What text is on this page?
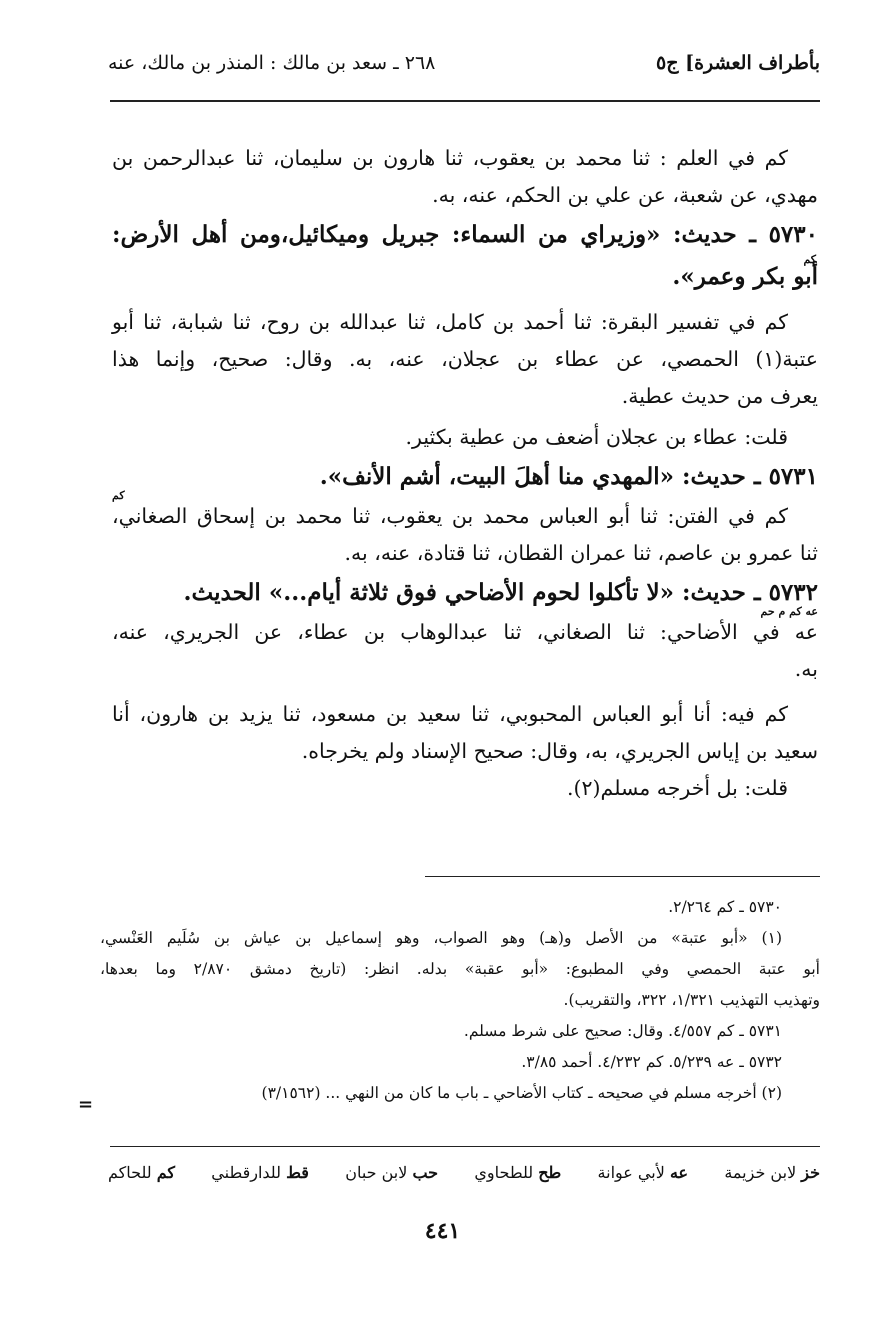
بأطراف العشرة] ج٥
٢٦٨ ـ سعد بن مالك : المنذر بن مالك، عنه
كم في العلم : ثنا محمد بن يعقوب، ثنا هارون بن سليمان، ثنا عبدالرحمن بن
مهدي، عن شعبة، عن علي بن الحكم، عنه، به.
٥٧٣٠ ـ حديث: «وزيراي من السماء: جبريل وميكائيل،ومن أهل الأرض:
كم
أبو بكر وعمر».
كم في تفسير البقرة: ثنا أحمد بن كامل، ثنا عبدالله بن روح، ثنا شبابة، ثنا أبو
عتبة(١) الحمصي، عن عطاء بن عجلان، عنه، به. وقال: صحيح، وإنما هذا
يعرف من حديث عطية.
قلت: عطاء بن عجلان أضعف من عطية بكثير.
٥٧٣١ ـ حديث: «المهدي منا أهلَ البيت، أشم الأنف».
كم
كم في الفتن: ثنا أبو العباس محمد بن يعقوب، ثنا محمد بن إسحاق الصغاني،
ثنا عمرو بن عاصم، ثنا عمران القطان، ثنا قتادة، عنه، به.
٥٧٣٢ ـ حديث: «لا تأكلوا لحوم الأضاحي فوق ثلاثة أيام...» الحديث.
عه كم م حم
عه في الأضاحي: ثنا الصغاني، ثنا عبدالوهاب بن عطاء، عن الجريري، عنه،
به.
كم فيه: أنا أبو العباس المحبوبي، ثنا سعيد بن مسعود، ثنا يزيد بن هارون، أنا
سعيد بن إياس الجريري، به، وقال: صحيح الإسناد ولم يخرجاه.
قلت: بل أخرجه مسلم(٢).
٥٧٣٠ ـ كم ٢/٢٦٤.
(١) «أبو عتبة» من الأصل و(هـ) وهو الصواب، وهو إسماعيل بن عياش بن سُلَيم العَنْسي،
أبو عتبة الحمصي وفي المطبوع: «أبو عقبة» بدله. انظر: (تاريخ دمشق ٢/٨٧٠ وما بعدها،
وتهذيب التهذيب ١/٣٢١، ٣٢٢، والتقريب).
٥٧٣١ ـ كم ٤/٥٥٧. وقال: صحيح على شرط مسلم.
٥٧٣٢ ـ عه ٥/٢٣٩. كم ٤/٢٣٢. أحمد ٣/٨٥.
(٢) أخرجه مسلم في صحيحه ـ كتاب الأضاحي ـ باب ما كان من النهي ... (٣/١٥٦٢)
=
خز لابن خزيمة
عه لأبي عوانة
طح للطحاوي
حب لابن حبان
قط للدارقطني
كم للحاكم
٤٤١
